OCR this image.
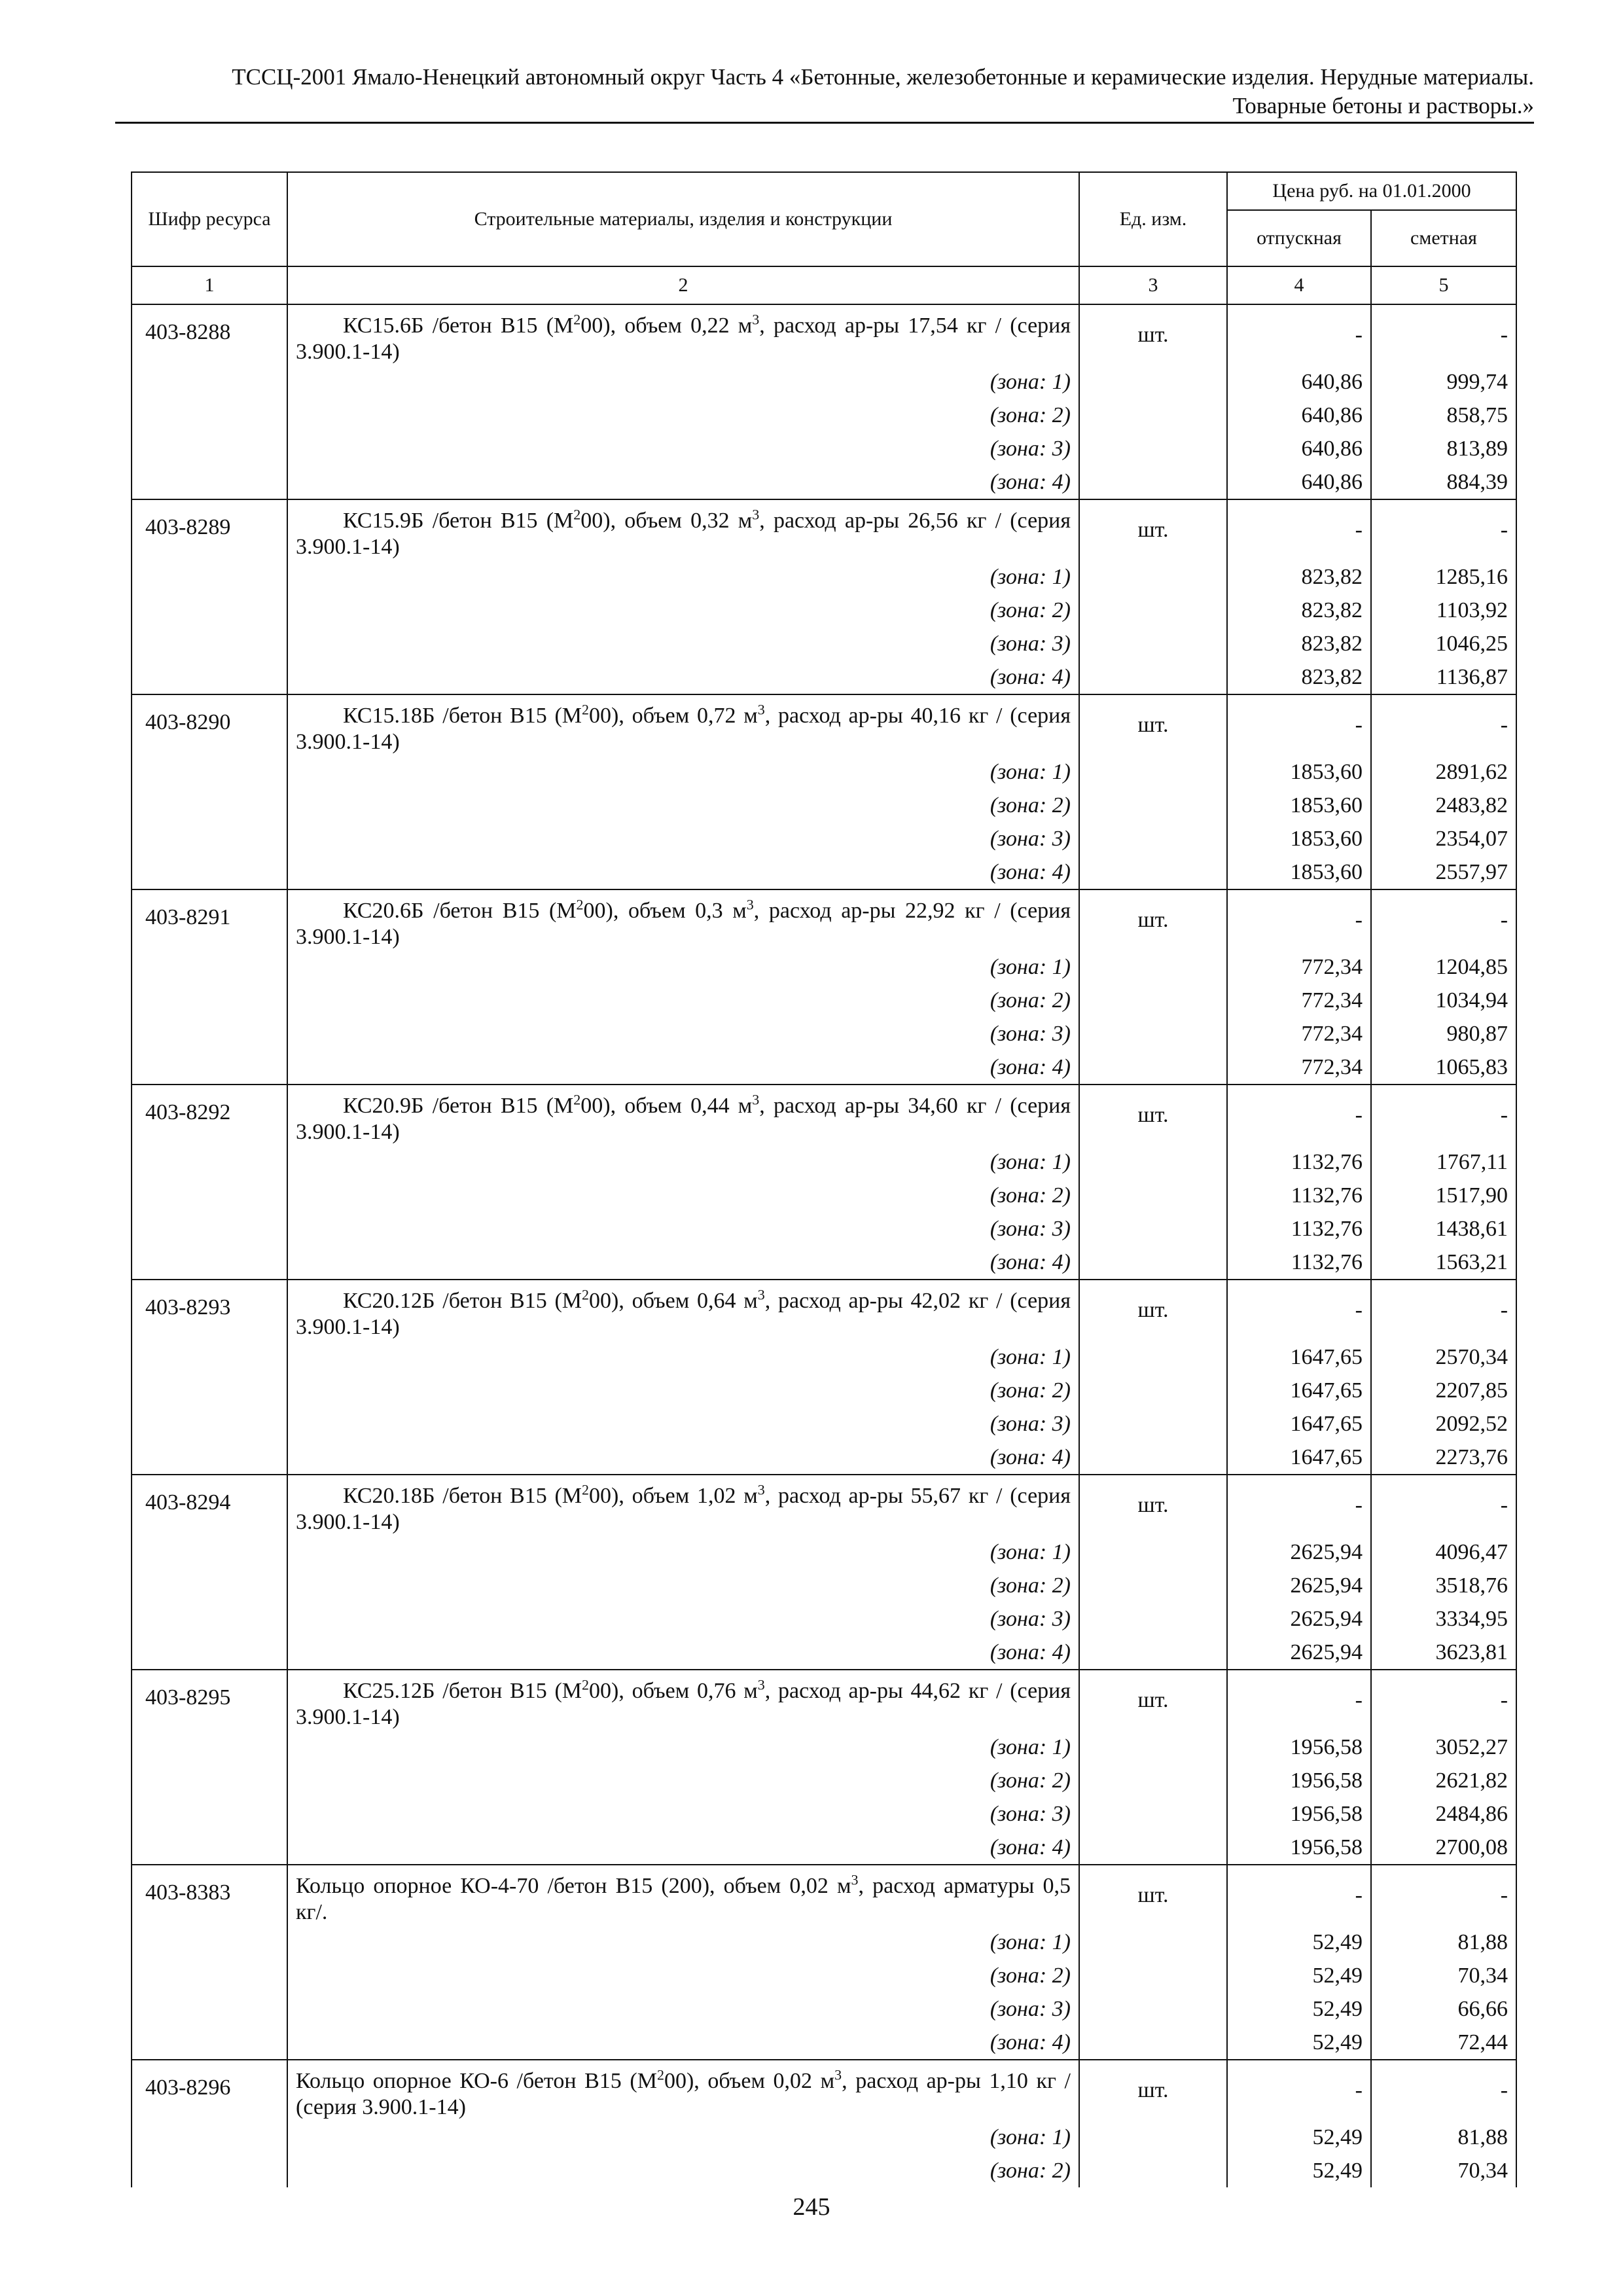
ТССЦ-2001 Ямало-Ненецкий автономный округ Часть 4 «Бетонные, железобетонные и керамические изделия. Нерудные материалы.
Товарные бетоны и растворы.»
Шифр ресурса	Строительные материалы, изделия и конструкции	Ед. изм.	Цена руб. на 01.01.2000	
			отпускная	сметная
1	2	3	4	5
403-8288	КС15.6Б /бетон В15 $(М^200)$, объем 0,22 $м^3$, расход ар-ры 17,54 кг / (серия 3.900.1-14)	шт.	-	-
	(зона: 1)		640,86	999,74
	(зона: 2)		640,86	858,75
	(зона: 3)		640,86	813,89
	(зона: 4)		640,86	884,39
403-8289	КС15.9Б /бетон В15 $(М^200)$, объем 0,32 $м^3$, расход ар-ры 26,56 кг / (серия 3.900.1-14)	шт.	-	-
	(зона: 1)		823,82	1285,16
	(зона: 2)		823,82	1103,92
	(зона: 3)		823,82	1046,25
	(зона: 4)		823,82	1136,87
403-8290	КС15.18Б /бетон В15 $(М^200)$, объем 0,72 $м^3$, расход ар-ры 40,16 кг / (серия 3.900.1-14)	шт.	-	-
	(зона: 1)		1853,60	2891,62
	(зона: 2)		1853,60	2483,82
	(зона: 3)		1853,60	2354,07
	(зона: 4)		1853,60	2557,97
403-8291	КС20.6Б /бетон В15 $(М^200)$, объем 0,3 $м^3$, расход ар-ры 22,92 кг / (серия 3.900.1-14)	шт.	-	-
	(зона: 1)		772,34	1204,85
	(зона: 2)		772,34	1034,94
	(зона: 3)		772,34	980,87
	(зона: 4)		772,34	1065,83
403-8292	КС20.9Б /бетон В15 $(М^200)$, объем 0,44 $м^3$, расход ар-ры 34,60 кг / (серия 3.900.1-14)	шт.	-	-
	(зона: 1)		1132,76	1767,11
	(зона: 2)		1132,76	1517,90
	(зона: 3)		1132,76	1438,61
	(зона: 4)		1132,76	1563,21
403-8293	КС20.12Б /бетон В15 $(М^200)$, объем 0,64 $м^3$, расход ар-ры 42,02 кг / (серия 3.900.1-14)	шт.	-	-
	(зона: 1)		1647,65	2570,34
	(зона: 2)		1647,65	2207,85
	(зона: 3)		1647,65	2092,52
	(зона: 4)		1647,65	2273,76
403-8294	КС20.18Б /бетон В15 $(М^200)$, объем 1,02 $м^3$, расход ар-ры 55,67 кг / (серия 3.900.1-14)	шт.	-	-
	(зона: 1)		2625,94	4096,47
	(зона: 2)		2625,94	3518,76
	(зона: 3)		2625,94	3334,95
	(зона: 4)		2625,94	3623,81
403-8295	КС25.12Б /бетон В15 $(М^200)$, объем 0,76 $м^3$, расход ар-ры 44,62 кг / (серия 3.900.1-14)	шт.	-	-
	(зона: 1)		1956,58	3052,27
	(зона: 2)		1956,58	2621,82
	(зона: 3)		1956,58	2484,86
	(зона: 4)		1956,58	2700,08
403-8383	Кольцо опорное КО-4-70 /бетон В15 (200), объем 0,02 $м^3$, расход арматуры 0,5 кг/.	шт.	-	-
	(зона: 1)		52,49	81,88
	(зона: 2)		52,49	70,34
	(зона: 3)		52,49	66,66
	(зона: 4)		52,49	72,44
403-8296	Кольцо опорное КО-6 /бетон В15 $(М^200)$, объем 0,02 $м^3$, расход ар-ры 1,10 кг / (серия 3.900.1-14)	шт.	-	-
	(зона: 1)		52,49	81,88
	(зона: 2)		52,49	70,34
245
